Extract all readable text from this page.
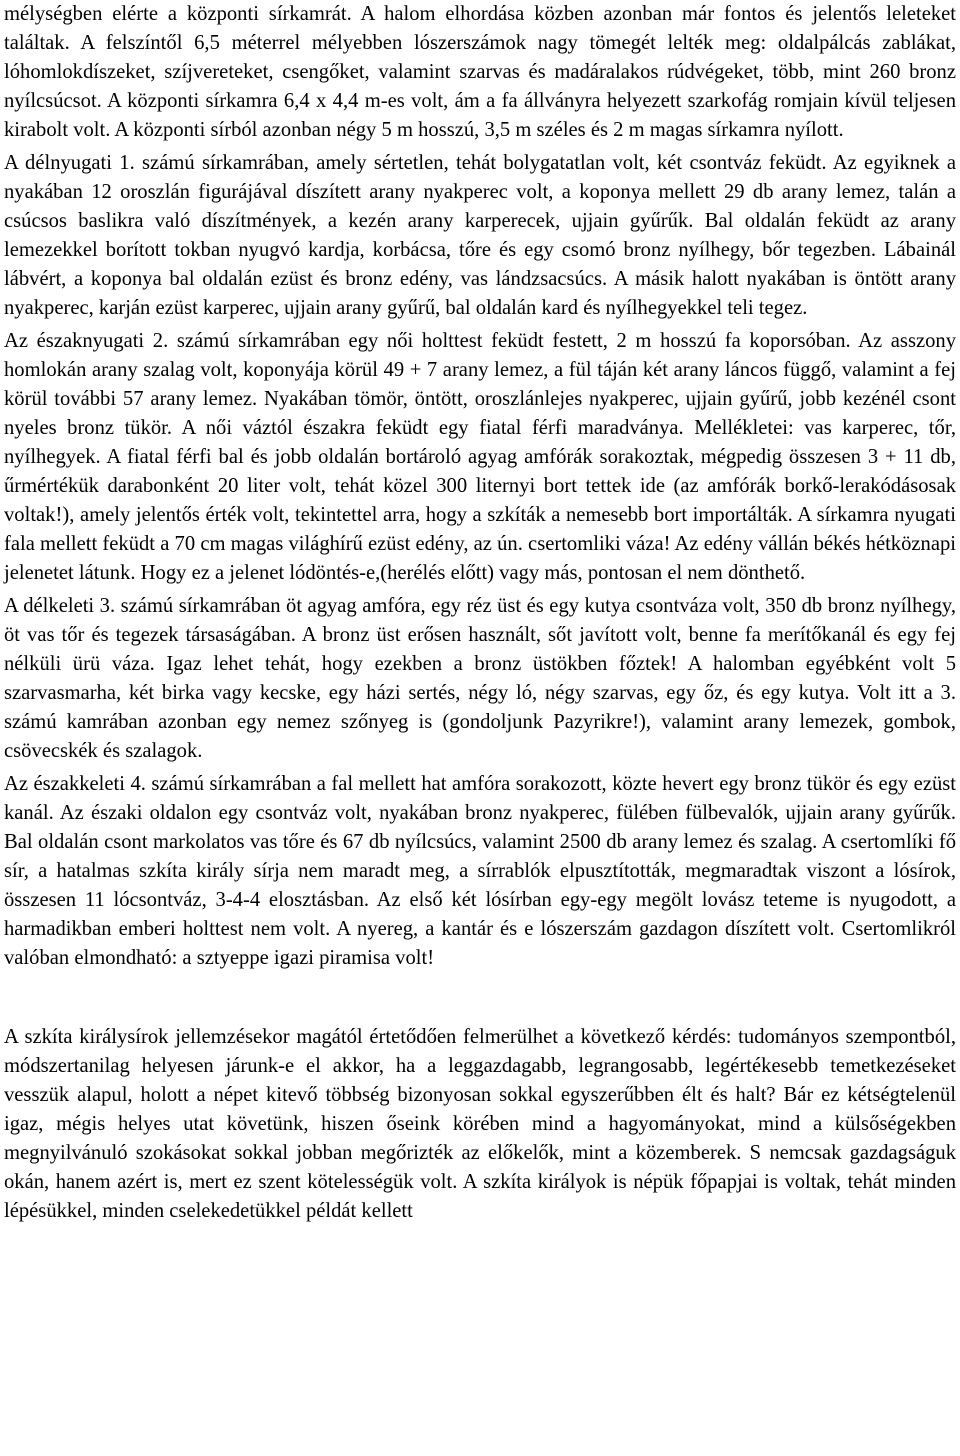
mélységben elérte a központi sírkamrát. A halom elhordása közben azonban már fontos és jelentős leleteket találtak. A felszíntől 6,5 méterrel mélyebben lószerszámok nagy tömegét lelték meg: oldalpálcás zablákat, lóhomlokdíszeket, szíjvereteket, csengőket, valamint szarvas és madáralakos rúdvégeket, több, mint 260 bronz nyílcsúcsot. A központi sírkamra 6,4 x 4,4 m-es volt, ám a fa állványra helyezett szarkofág romjain kívül teljesen kirabolt volt. A központi sírból azonban négy 5 m hosszú, 3,5 m széles és 2 m magas sírkamra nyílott.

A délnyugati 1. számú sírkamrában, amely sértetlen, tehát bolygatatlan volt, két csontváz feküdt. Az egyiknek a nyakában 12 oroszlán figurájával díszített arany nyakperec volt, a koponya mellett 29 db arany lemez, talán a csúcsos baslikra való díszítmények, a kezén arany karperecek, ujjain gyűrűk. Bal oldalán feküdt az arany lemezekkel borított tokban nyugvó kardja, korbácsa, tőre és egy csomó bronz nyílhegy, bőr tegezben. Lábainál lábvért, a koponya bal oldalán ezüst és bronz edény, vas lándzsacsúcs. A másik halott nyakában is öntött arany nyakperec, karján ezüst karperec, ujjain arany gyűrű, bal oldalán kard és nyílhegyekkel teli tegez.

Az északnyugati 2. számú sírkamrában egy női holttest feküdt festett, 2 m hosszú fa koporsóban. Az asszony homlokán arany szalag volt, koponyája körül 49 + 7 arany lemez, a fül táján két arany láncos függő, valamint a fej körül további 57 arany lemez. Nyakában tömör, öntött, oroszlánlejes nyakperec, ujjain gyűrű, jobb kezénél csont nyeles bronz tükör. A női váztól északra feküdt egy fiatal férfi maradványa. Mellékletei: vas karperec, tőr, nyílhegyek. A fiatal férfi bal és jobb oldalán bortároló agyag amfórák sorakoztak, mégpedig összesen 3 + 11 db, űrmértékük darabonként 20 liter volt, tehát közel 300 liternyi bort tettek ide (az amfórák borkő-lerakódásosak voltak!), amely jelentős érték volt, tekintettel arra, hogy a szkíták a nemesebb bort importálták. A sírkamra nyugati fala mellett feküdt a 70 cm magas világhírű ezüst edény, az ún. csertomliki váza! Az edény vállán békés hétköznapi jelenetet látunk. Hogy ez a jelenet lódöntés-e,(herélés előtt) vagy más, pontosan el nem dönthető.

A délkeleti 3. számú sírkamrában öt agyag amfóra, egy réz üst és egy kutya csontváza volt, 350 db bronz nyílhegy, öt vas tőr és tegezek társaságában. A bronz üst erősen használt, sőt javított volt, benne fa merítőkanál és egy fej nélküli ürü váza. Igaz lehet tehát, hogy ezekben a bronz üstökben főztek! A halomban egyébként volt 5 szarvasmarha, két birka vagy kecske, egy házi sertés, négy ló, négy szarvas, egy őz, és egy kutya. Volt itt a 3. számú kamrában azonban egy nemez szőnyeg is (gondoljunk Pazyrikre!), valamint arany lemezek, gombok, csövecskék és szalagok.

Az északkeleti 4. számú sírkamrában a fal mellett hat amfóra sorakozott, közte hevert egy bronz tükör és egy ezüst kanál. Az északi oldalon egy csontváz volt, nyakában bronz nyakperec, fülében fülbevalók, ujjain arany gyűrűk. Bal oldalán csont markolatos vas tőre és 67 db nyílcsúcs, valamint 2500 db arany lemez és szalag. A csertomlíki fő sír, a hatalmas szkíta király sírja nem maradt meg, a sírrablók elpusztították, megmaradtak viszont a lósírok, összesen 11 lócsontváz, 3-4-4 elosztásban. Az első két lósírban egy-egy megölt lovász teteme is nyugodott, a harmadikban emberi holttest nem volt. A nyereg, a kantár és e lószerszám gazdagon díszített volt. Csertomlikról valóban elmondható: a sztyeppe igazi piramisa volt!

A szkíta királysírok jellemzésekor magától értetődően felmerülhet a következő kérdés: tudományos szempontból, módszertanilag helyesen járunk-e el akkor, ha a leggazdagabb, legrangosabb, legértékesebb temetkezéseket vesszük alapul, holott a népet kitevő többség bizonyosan sokkal egyszerűbben élt és halt? Bár ez kétségtelenül igaz, mégis helyes utat követünk, hiszen őseink körében mind a hagyományokat, mind a külsőségekben megnyilvánuló szokásokat sokkal jobban megőrizték az előkelők, mint a közemberek. S nemcsak gazdagságuk okán, hanem azért is, mert ez szent kötelességük volt. A szkíta királyok is népük főpapjai is voltak, tehát minden lépésükkel, minden cselekedetükkel példát kellett
